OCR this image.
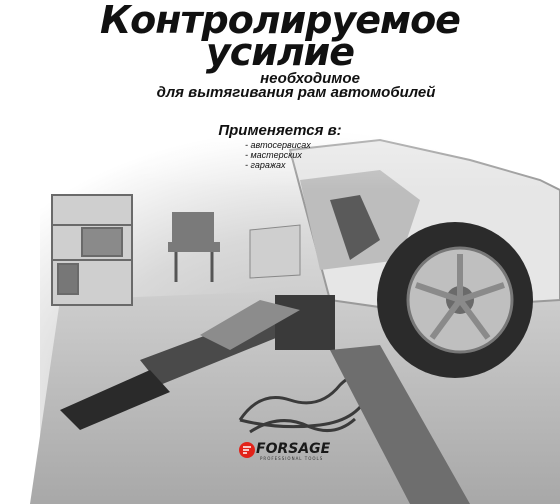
Контролируемое
усилие
необходимое
для вытягивания рам автомобилей
Применяется в:
- автосервисах
- мастерских
- гаражах
FORSAGE
PROFESSIONAL TOOLS
